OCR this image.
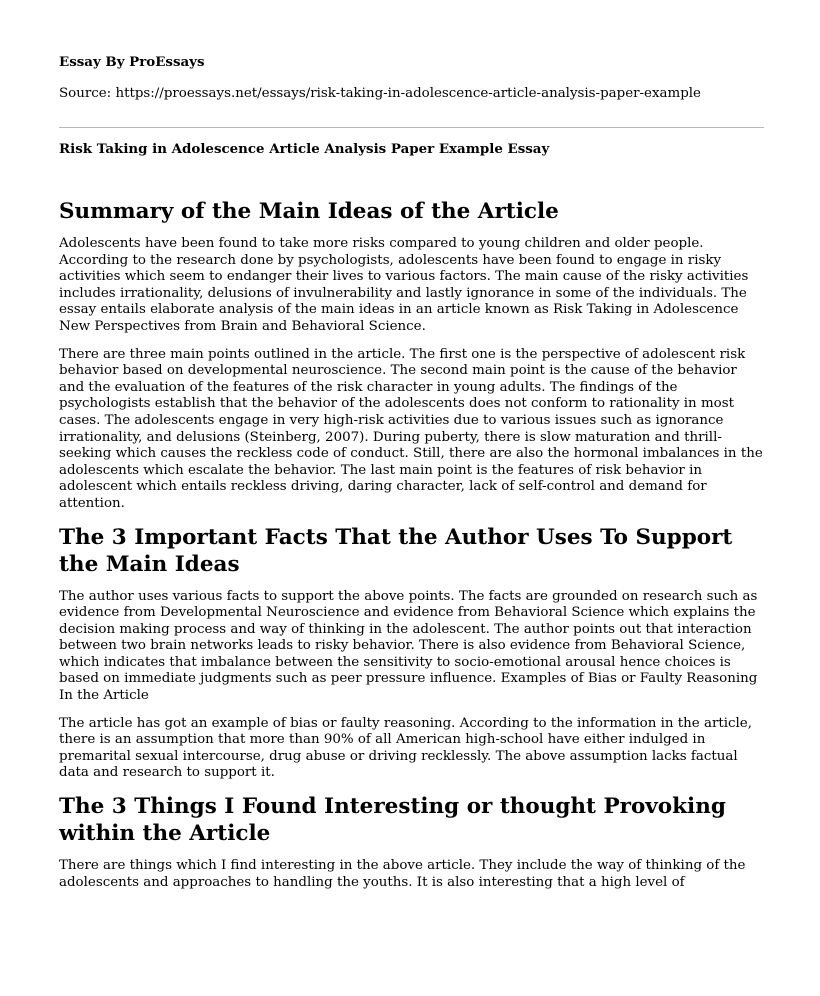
Essay By ProEssays
Source: https://proessays.net/essays/risk-taking-in-adolescence-article-analysis-paper-example
Risk Taking in Adolescence Article Analysis Paper Example Essay
Summary of the Main Ideas of the Article

Adolescents have been found to take more risks compared to young children and older people. According to the research done by psychologists, adolescents have been found to engage in risky activities which seem to endanger their lives to various factors. The main cause of the risky activities includes irrationality, delusions of invulnerability and lastly ignorance in some of the individuals. The essay entails elaborate analysis of the main ideas in an article known as Risk Taking in Adolescence New Perspectives from Brain and Behavioral Science.

There are three main points outlined in the article. The first one is the perspective of adolescent risk behavior based on developmental neuroscience. The second main point is the cause of the behavior and the evaluation of the features of the risk character in young adults. The findings of the psychologists establish that the behavior of the adolescents does not conform to rationality in most cases. The adolescents engage in very high-risk activities due to various issues such as ignorance irrationality, and delusions (Steinberg, 2007). During puberty, there is slow maturation and thrill-seeking which causes the reckless code of conduct. Still, there are also the hormonal imbalances in the adolescents which escalate the behavior. The last main point is the features of risk behavior in adolescent which entails reckless driving, daring character, lack of self-control and demand for attention.

The 3 Important Facts That the Author Uses To Support the Main Ideas

The author uses various facts to support the above points. The facts are grounded on research such as evidence from Developmental Neuroscience and evidence from Behavioral Science which explains the decision making process and way of thinking in the adolescent. The author points out that interaction between two brain networks leads to risky behavior. There is also evidence from Behavioral Science, which indicates that imbalance between the sensitivity to socio-emotional arousal hence choices is based on immediate judgments such as peer pressure influence. Examples of Bias or Faulty Reasoning In the Article

The article has got an example of bias or faulty reasoning. According to the information in the article, there is an assumption that more than 90% of all American high-school have either indulged in premarital sexual intercourse, drug abuse or driving recklessly. The above assumption lacks factual data and research to support it.

The 3 Things I Found Interesting or thought Provoking within the Article

There are things which I find interesting in the above article. They include the way of thinking of the adolescents and approaches to handling the youths. It is also interesting that a high level of
